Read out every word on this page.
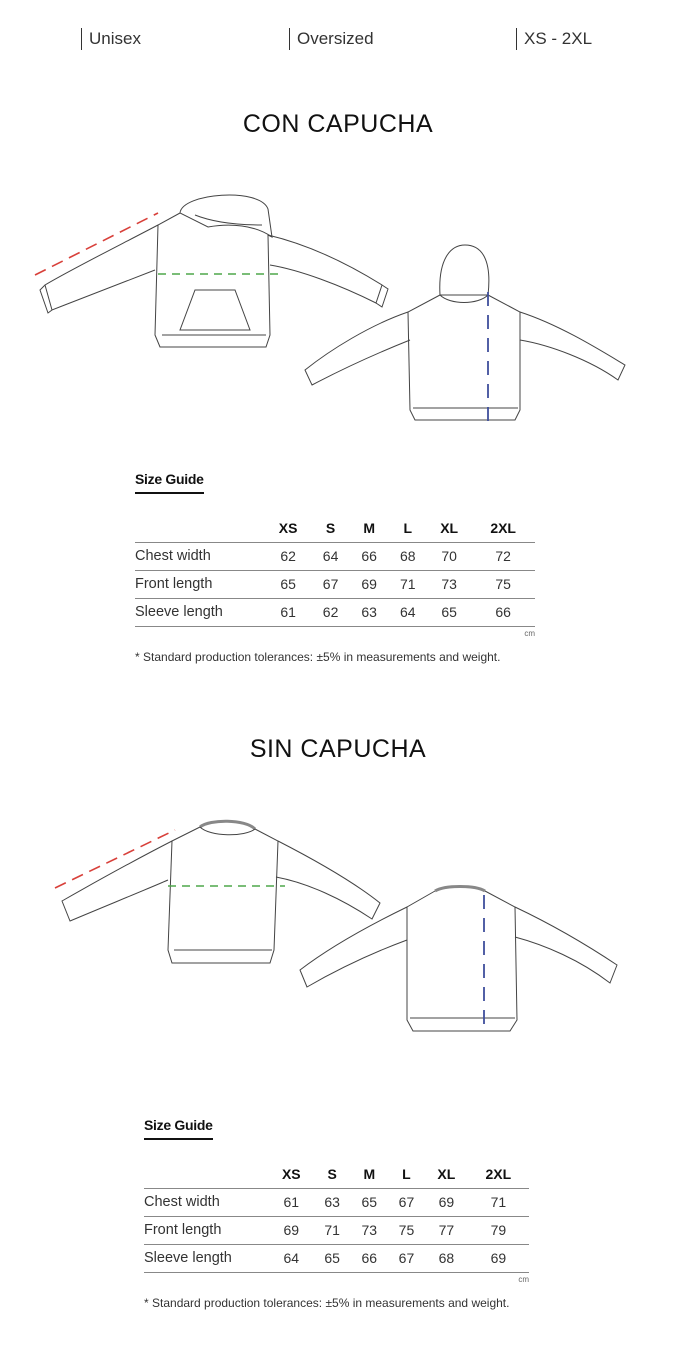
Unisex	Oversized	XS - 2XL
CON CAPUCHA
Size Guide
	XS	S	M	L	XL	2XL
Chest width	62	64	66	68	70	72
Front length	65	67	69	71	73	75
Sleeve length	61	62	63	64	65	66
cm
* Standard production tolerances: ±5% in measurements and weight.
SIN CAPUCHA
Size Guide
	XS	S	M	L	XL	2XL
Chest width	61	63	65	67	69	71
Front length	69	71	73	75	77	79
Sleeve length	64	65	66	67	68	69
cm
* Standard production tolerances: ±5% in measurements and weight.
